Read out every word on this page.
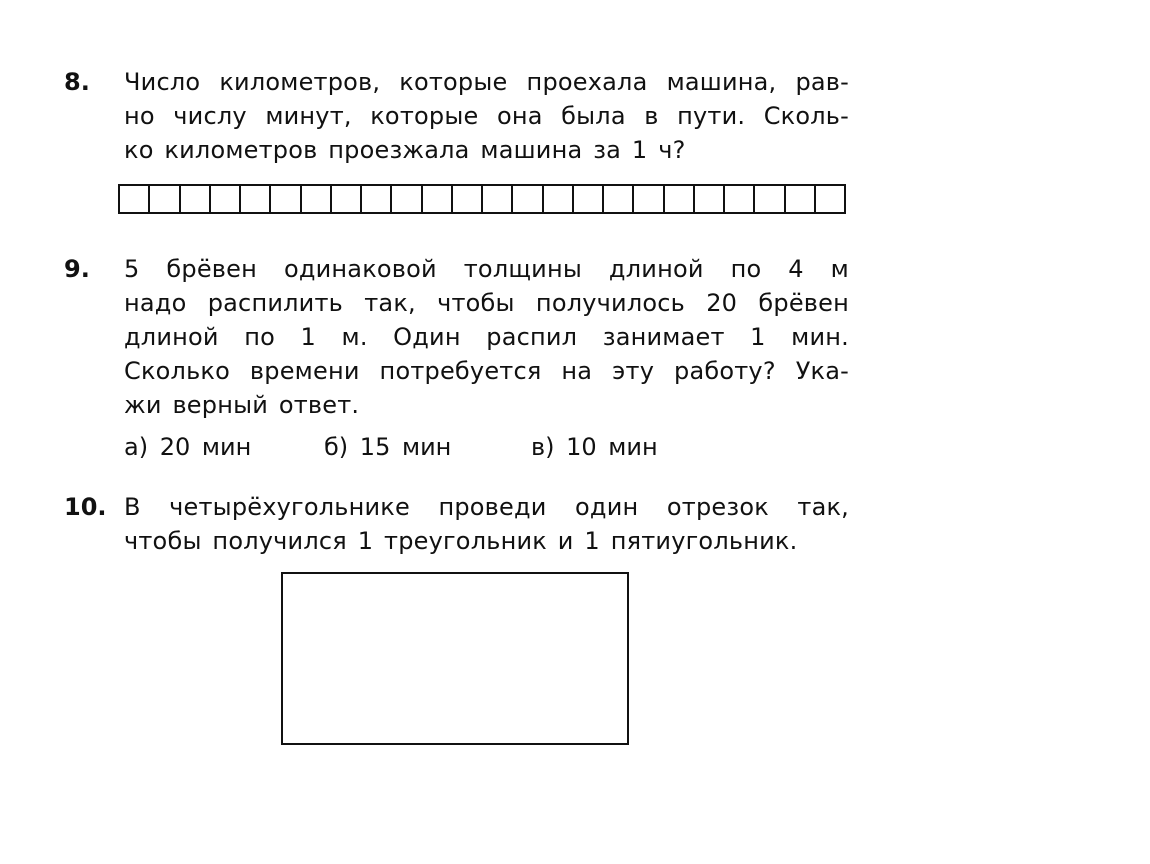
8. Число километров, которые проехала машина, рав-
но числу минут, которые она была в пути. Сколь-
ко километров проезжала машина за 1 ч?
9. 5 брёвен одинаковой толщины длиной по 4 м
надо распилить так, чтобы получилось 20 брёвен
длиной по 1 м. Один распил занимает 1 мин.
Сколько времени потребуется на эту работу? Ука-
жи верный ответ.
а) 20 мин	б) 15 мин	в) 10 мин
10. В четырёхугольнике проведи один отрезок так,
чтобы получился 1 треугольник и 1 пятиугольник.
